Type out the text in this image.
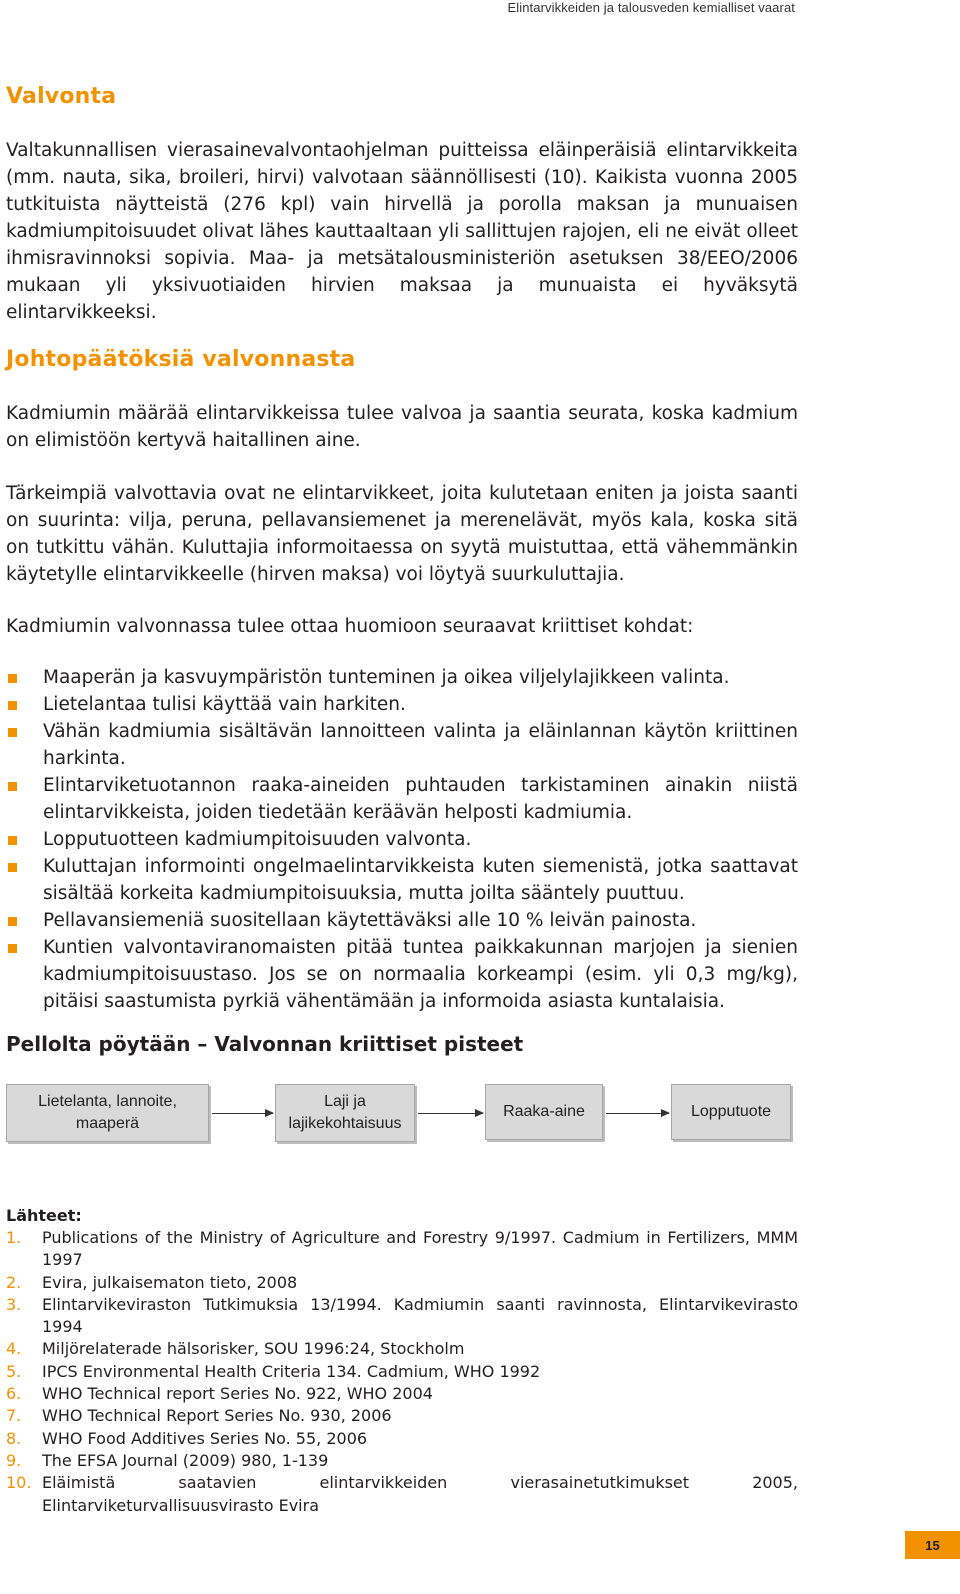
Elintarvikkeiden ja talousveden kemialliset vaarat
Valvonta

Valtakunnallisen vierasainevalvontaohjelman puitteissa eläinperäisiä elintarvikkeita (mm. nauta, sika, broileri, hirvi) valvotaan säännöllisesti (10). Kaikista vuonna 2005 tutkituista näytteistä (276 kpl) vain hirvellä ja porolla maksan ja munuaisen kadmiumpitoisuudet olivat lähes kauttaaltaan yli sallittujen rajojen, eli ne eivät olleet ihmisravinnoksi sopivia. Maa- ja metsätalousministeriön asetuksen 38/EEO/2006 mukaan yli yksivuotiaiden hirvien maksaa ja munuaista ei hyväksytä elintarvikkeeksi.

Johtopäätöksiä valvonnasta

Kadmiumin määrää elintarvikkeissa tulee valvoa ja saantia seurata, koska kadmium on elimistöön kertyvä haitallinen aine.

Tärkeimpiä valvottavia ovat ne elintarvikkeet, joita kulutetaan eniten ja joista saanti on suurinta: vilja, peruna, pellavansiemenet ja merenelävät, myös kala, koska sitä on tutkittu vähän. Kuluttajia informoitaessa on syytä muistuttaa, että vähemmänkin käytetylle elintarvikkeelle (hirven maksa) voi löytyä suurkuluttajia.

Kadmiumin valvonnassa tulee ottaa huomioon seuraavat kriittiset kohdat:

Maaperän ja kasvuympäristön tunteminen ja oikea viljelylajikkeen valinta.
Lietelantaa tulisi käyttää vain harkiten.
Vähän kadmiumia sisältävän lannoitteen valinta ja eläinlannan käytön kriittinen harkinta.
Elintarviketuotannon raaka-aineiden puhtauden tarkistaminen ainakin niistä elintarvikkeista, joiden tiedetään keräävän helposti kadmiumia.
Lopputuotteen kadmiumpitoisuuden valvonta.
Kuluttajan informointi ongelmaelintarvikkeista kuten siemenistä, jotka saattavat sisältää korkeita kadmiumpitoisuuksia, mutta joilta sääntely puuttuu.
Pellavansiemeniä suositellaan käytettäväksi alle 10 % leivän painosta.
Kuntien valvontaviranomaisten pitää tuntea paikkakunnan marjojen ja sienien kadmiumpitoisuustaso. Jos se on normaalia korkeampi (esim. yli 0,3 mg/kg), pitäisi saastumista pyrkiä vähentämään ja informoida asiasta kuntalaisia.
Pellolta pöytään – Valvonnan kriittiset pisteet
Lietelanta, lannoite,
maaperä
Laji ja
lajikekohtaisuus
Raaka-aine	Lopputuote
Lähteet:
1. Publications of the Ministry of Agriculture and Forestry 9/1997. Cadmium in Fertilizers, MMM 1997
2. Evira, julkaisematon tieto, 2008
3. Elintarvikeviraston Tutkimuksia 13/1994. Kadmiumin saanti ravinnosta, Elintarvikevirasto 1994
4. Miljörelaterade hälsorisker, SOU 1996:24, Stockholm
5. IPCS Environmental Health Criteria 134. Cadmium, WHO 1992
6. WHO Technical report Series No. 922, WHO 2004
7. WHO Technical Report Series No. 930, 2006
8. WHO Food Additives Series No. 55, 2006
9. The EFSA Journal (2009) 980, 1-139
10. Eläimistä saatavien elintarvikkeiden vierasainetutkimukset 2005, Elintarviketurvallisuusvirasto Evira
15
